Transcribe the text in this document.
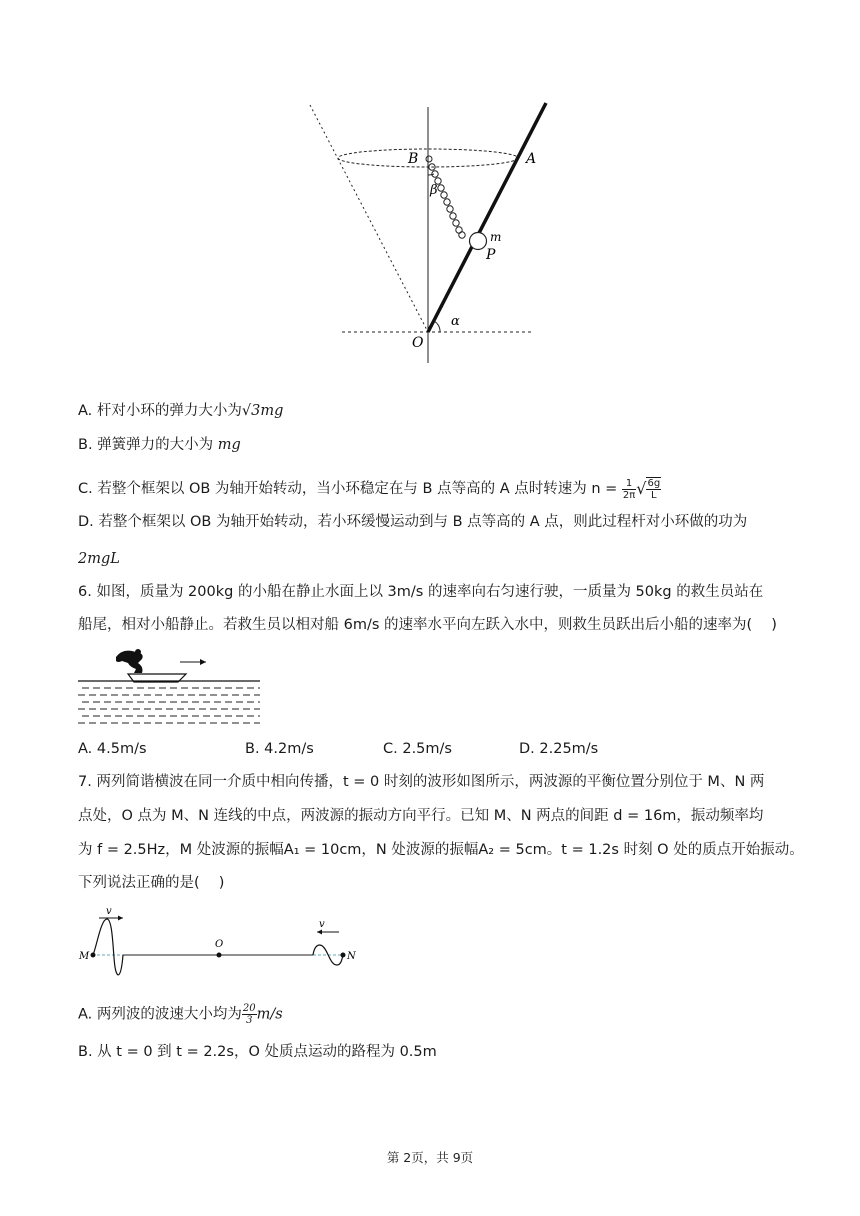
B	A
β
m
P
α
O
A. 杆对小环的弹力大小为√3mg
B. 弹簧弹力的大小为 mg
C. 若整个框架以 OB 为轴开始转动，当小环稳定在与 B 点等高的 A 点时转速为 $n = \frac{1}{2\pi}$ √ $\frac{6g}{L}$
D. 若整个框架以 OB 为轴开始转动，若小环缓慢运动到与 B 点等高的 A 点，则此过程杆对小环做的功为
2mgL
6. 如图，质量为 200kg 的小船在静止水面上以 3m/s 的速率向右匀速行驶，一质量为 50kg 的救生员站在
船尾，相对小船静止。若救生员以相对船 6m/s 的速率水平向左跃入水中，则救生员跃出后小船的速率为(　 )
A. 4.5m/s	B. 4.2m/s	C. 2.5m/s	D. 2.25m/s
7. 两列简谐横波在同一介质中相向传播，t = 0 时刻的波形如图所示，两波源的平衡位置分别位于 M、N 两
点处，O 点为 M、N 连线的中点，两波源的振动方向平行。已知 M、N 两点的间距 d = 16m，振动频率均
为 f = 2.5Hz，M 处波源的振幅A₁ = 10cm，N 处波源的振幅A₂ = 5cm。t = 1.2s 时刻 O 处的质点开始振动。
下列说法正确的是(　 )
v
v
M
O
N
A. 两列波的波速大小均为 $\frac{20}{3} m/s$
B. 从 t = 0 到 t = 2.2s，O 处质点运动的路程为 0.5m
第 2页，共 9页
